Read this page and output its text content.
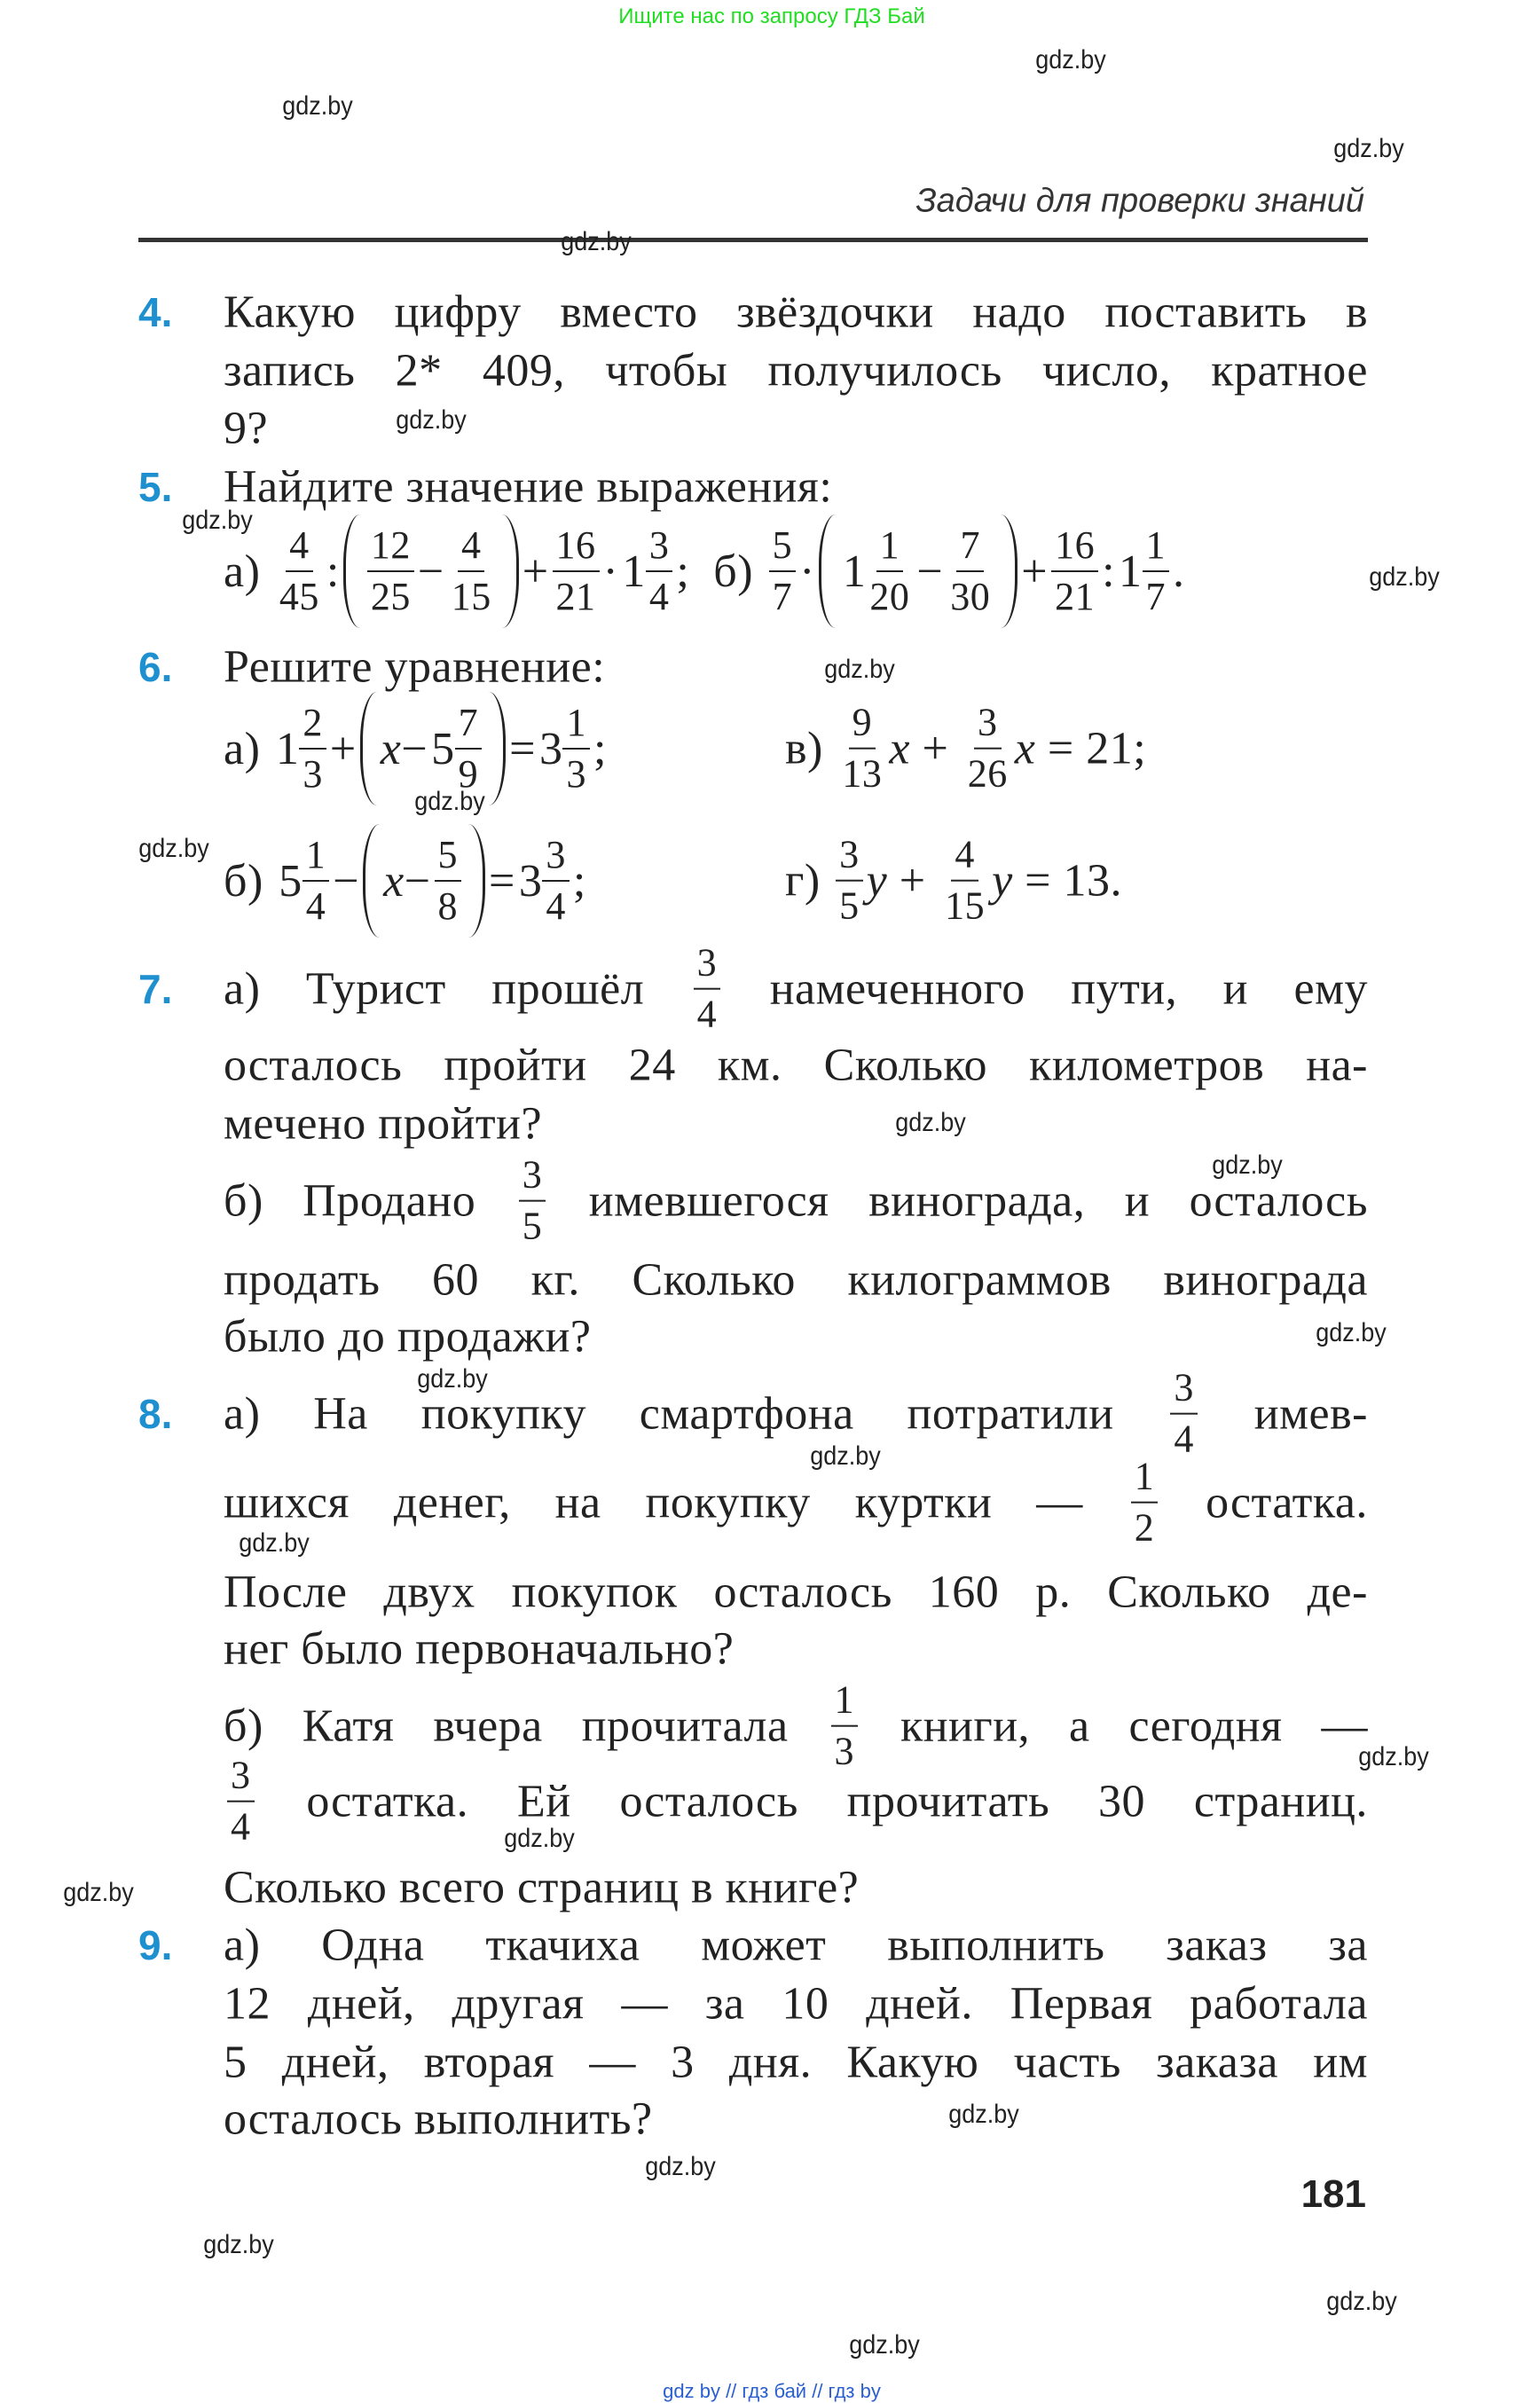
Ищите нас по запросу ГДЗ Бай
Задачи для проверки знаний
4. Какую цифру вместо звёздочки надо поставить в
запись 2* 409, чтобы получилось число, кратное
9?
5. Найдите значение выражения:
$а) \frac{4}{45}$ : $\frac{12}{25} - \frac{4}{15} + \frac{16}{21} \cdot 1 \frac{3}{4}$ ;  $б) \frac{5}{7} \cdot 1 \frac{1}{20} - \frac{7}{30} + \frac{16}{21}$ : $1 \frac{1}{7}$ .
6. Решите уравнение:
а) $1 \frac{2}{3} + x - 5 \frac{7}{9} = 3 \frac{1}{3}$ ;	$в) \frac{9}{13}$ $x + \frac{3}{26}$ x = 21;
б) $5 \frac{1}{4} - x - \frac{5}{8} = 3 \frac{3}{4}$ ;	$г) \frac{3}{5}$ $y + \frac{4}{15}$ y = 13.
7. а) Турист прошёл $\frac{3}{4}$ намеченного пути, и ему
осталось пройти 24 км. Сколько километров на-
мечено пройти?
б) Продано $\frac{3}{5}$ имевшегося винограда, и осталось
продать 60 кг. Сколько килограммов винограда
было до продажи?
8. а) На покупку смартфона потратили $\frac{3}{4}$ имев-
шихся денег, на покупку куртки — $\frac{1}{2}$ остатка.
После двух покупок осталось 160 р. Сколько де-
нег было первоначально?
б) Катя вчера прочитала $\frac{1}{3}$ книги, а сегодня —
$\frac{3}{4}$ остатка. Ей осталось прочитать 30 страниц.
Сколько всего страниц в книге?
9. а) Одна ткачиха может выполнить заказ за
12 дней, другая — за 10 дней. Первая работала
5 дней, вторая — 3 дня. Какую часть заказа им
осталось выполнить?
gdz.by
gdz.by
gdz.by
gdz.by
gdz.by
gdz.by
gdz.by
gdz.by
gdz.by
gdz.by
gdz.by
gdz.by
gdz.by
gdz.by
gdz.by
gdz.by
gdz.by
gdz.by
gdz.by
gdz.by
gdz.by
gdz.by
gdz.by
gdz.by
181
gdz by // гдз бай // гдз by
